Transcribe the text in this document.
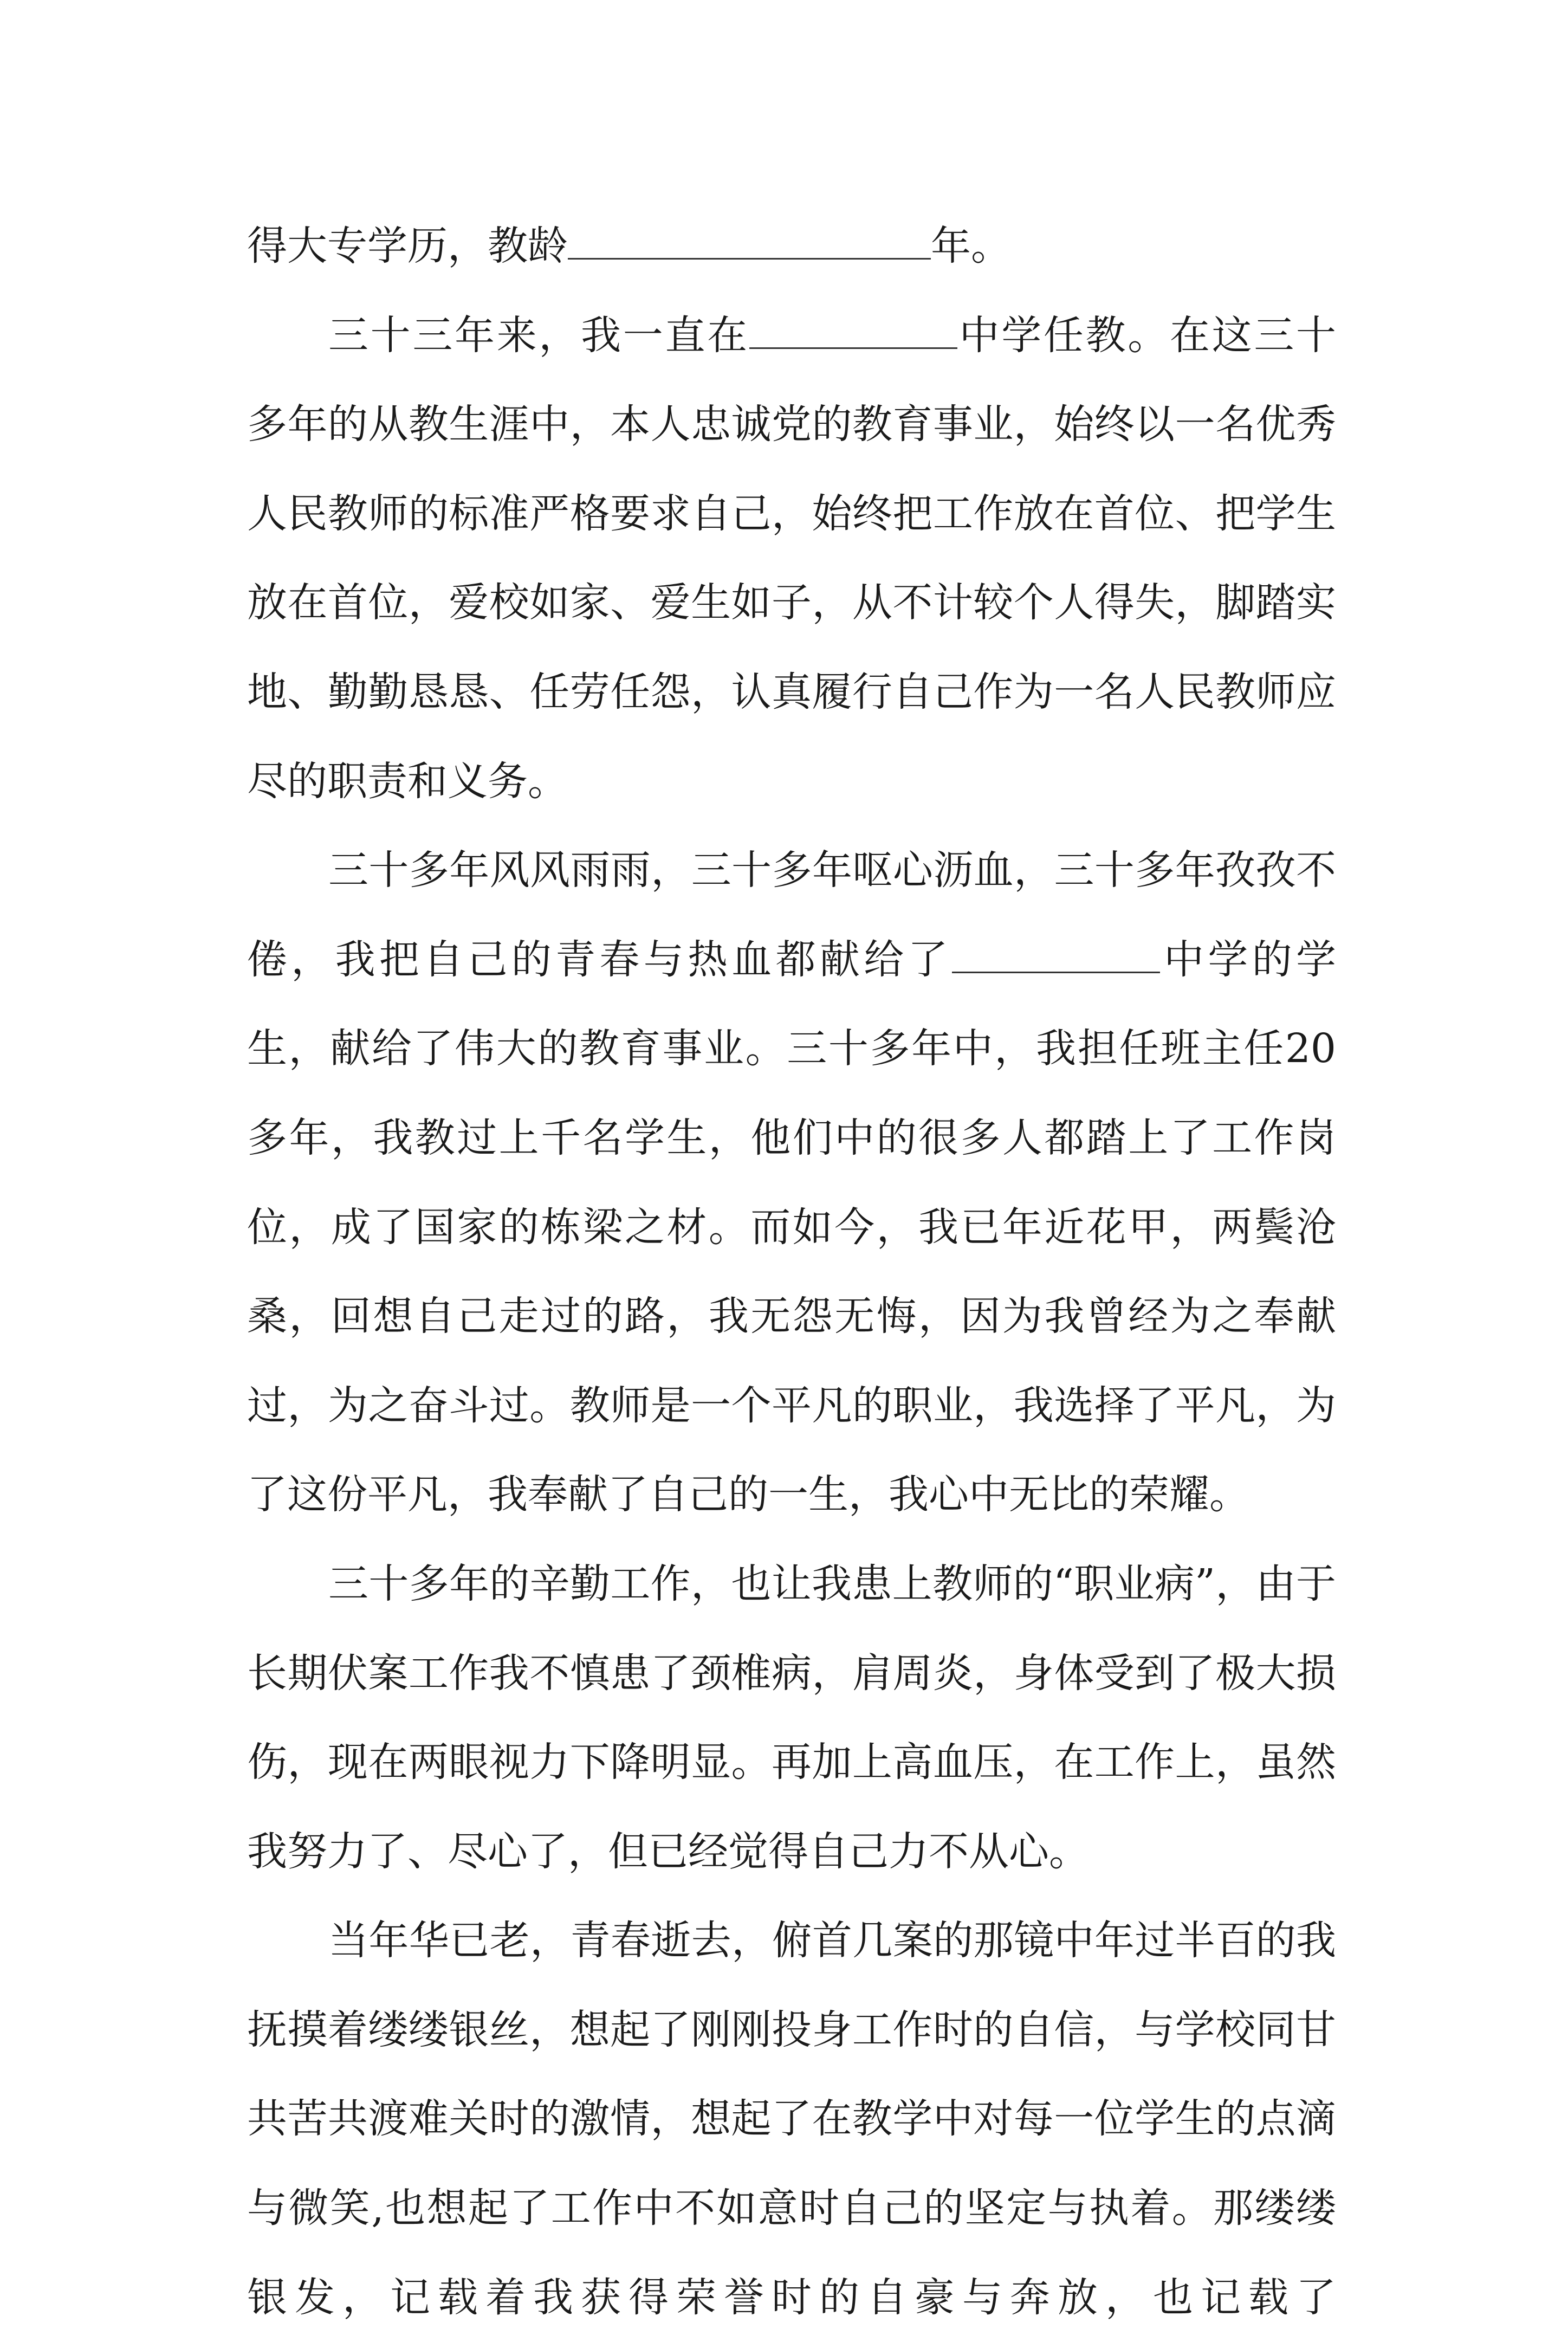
得大专学历，教龄	年。

三十三年来，我一直在	中学任教。在这三十多年的从教生涯中，本人忠诚党的教育事业，始终以一名优秀人民教师的标准严格要求自己，始终把工作放在首位、把学生放在首位，爱校如家、爱生如子，从不计较个人得失，脚踏实地、勤勤恳恳、任劳任怨，认真履行自己作为一名人民教师应尽的职责和义务。

三十多年风风雨雨，三十多年呕心沥血，三十多年孜孜不倦，我把自己的青春与热血都献给了	中学的学生，献给了伟大的教育事业。三十多年中，我担任班主任20多年，我教过上千名学生，他们中的很多人都踏上了工作岗位，成了国家的栋梁之材。而如今，我已年近花甲，两鬓沧桑，回想自己走过的路，我无怨无悔，因为我曾经为之奉献过，为之奋斗过。教师是一个平凡的职业，我选择了平凡，为了这份平凡，我奉献了自己的一生，我心中无比的荣耀。

三十多年的辛勤工作，也让我患上教师的“职业病”，由于长期伏案工作我不慎患了颈椎病，肩周炎，身体受到了极大损伤，现在两眼视力下降明显。再加上高血压，在工作上，虽然我努力了、尽心了，但已经觉得自己力不从心。

当年华已老，青春逝去，俯首几案的那镜中年过半百的我抚摸着缕缕银丝，想起了刚刚投身工作时的自信，与学校同甘共苦共渡难关时的激情，想起了在教学中对每一位学生的点滴与微笑,也想起了工作中不如意时自己的坚定与执着。那缕缕银发，记载着我获得荣誉时的自豪与奔放，也记载了
